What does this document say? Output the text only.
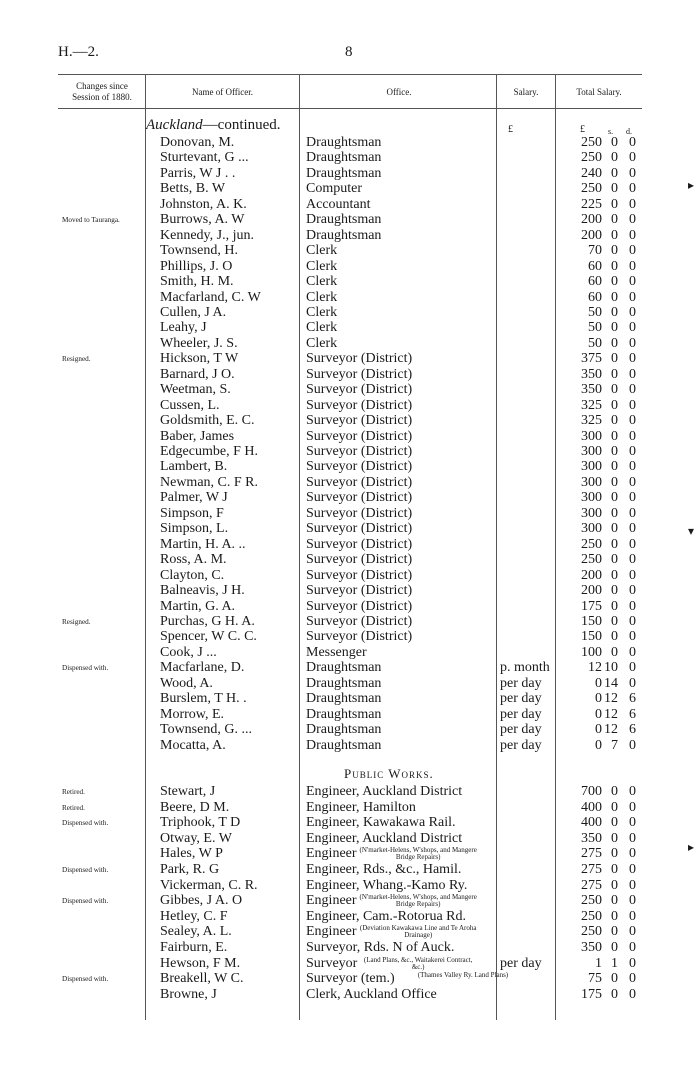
H.—2.	8
Changes since Session of 1880.	Name of Officer.	Office.	Salary.	Total Salary.
Auckland—continued.	£	£	s. d.
Donovan, M.	Draughtsman	250 0 0
Sturtevant, G ...	Draughtsman	250 0 0
Parris, W J . .	Draughtsman	240 0 0
Betts, B. W	Computer	250 0 0
Johnston, A. K.	Accountant	225 0 0
Moved to Tauranga.	Burrows, A. W	Draughtsman	200 0 0
Kennedy, J., jun.	Draughtsman	200 0 0
Townsend, H.	Clerk	70 0 0
Phillips, J. O	Clerk	60 0 0
Smith, H. M.	Clerk	60 0 0
Macfarland, C. W	Clerk	60 0 0
Cullen, J A.	Clerk	50 0 0
Leahy, J	Clerk	50 0 0
Wheeler, J. S.	Clerk	50 0 0
Resigned.	Hickson, T W	Surveyor (District)	375 0 0
Barnard, J O.	Surveyor (District)	350 0 0
Weetman, S.	Surveyor (District)	350 0 0
Cussen, L.	Surveyor (District)	325 0 0
Goldsmith, E. C.	Surveyor (District)	325 0 0
Baber, James	Surveyor (District)	300 0 0
Edgecumbe, F H.	Surveyor (District)	300 0 0
Lambert, B.	Surveyor (District)	300 0 0
Newman, C. F R.	Surveyor (District)	300 0 0
Palmer, W J	Surveyor (District)	300 0 0
Simpson, F	Surveyor (District)	300 0 0
Simpson, L.	Surveyor (District)	300 0 0
Martin, H. A. ..	Surveyor (District)	250 0 0
Ross, A. M.	Surveyor (District)	250 0 0
Clayton, C.	Surveyor (District)	200 0 0
Balneavis, J H.	Surveyor (District)	200 0 0
Martin, G. A.	Surveyor (District)	175 0 0
Resigned.	Purchas, G H. A.	Surveyor (District)	150 0 0
Spencer, W C. C.	Surveyor (District)	150 0 0
Cook, J ...	Messenger	100 0 0
Dispensed with.	Macfarlane, D.	Draughtsman	p. month	12 10 0
Wood, A.	Draughtsman	per day	0 14 0
Burslem, T H. .	Draughtsman	per day	0 12 6
Morrow, E.	Draughtsman	per day	0 12 6
Townsend, G. ...	Draughtsman	per day	0 12 6
Mocatta, A.	Draughtsman	per day	0 7 0
Public Works.
Retired.	Stewart, J	Engineer, Auckland District	700 0 0
Retired.	Beere, D M.	Engineer, Hamilton	400 0 0
Dispensed with.	Triphook, T D	Engineer, Kawakawa Rail.	400 0 0
Otway, E. W	Engineer, Auckland District	350 0 0
Hales, W P	Engineer (N'market-Helens, W'shops, and Mangere Bridge Repairs)	275 0 0
Dispensed with.	Park, R. G	Engineer, Rds., &c., Hamil.	275 0 0
Vickerman, C. R.	Engineer, Whang.-Kamo Ry.	275 0 0
Dispensed with.	Gibbes, J A. O	Engineer (N'market-Helens, W'shops, and Mangere Bridge Repairs)	250 0 0
Hetley, C. F	Engineer, Cam.-Rotorua Rd.	250 0 0
Sealey, A. L.	Engineer (Deviation Kawakawa Line and Te Aroha Drainage)	250 0 0
Fairburn, E.	Surveyor, Rds. N of Auck.	350 0 0
Hewson, F M.	Surveyor (Land Plans, &c., Waitakerei Contract, &c.)	per day	1 1 0
Dispensed with.	Breakell, W C.	Surveyor (tem.)	(Thames Valley Ry. Land Plans)	75 0 0
Browne, J	Clerk, Auckland Office	175 0 0
▸
▾
▸
